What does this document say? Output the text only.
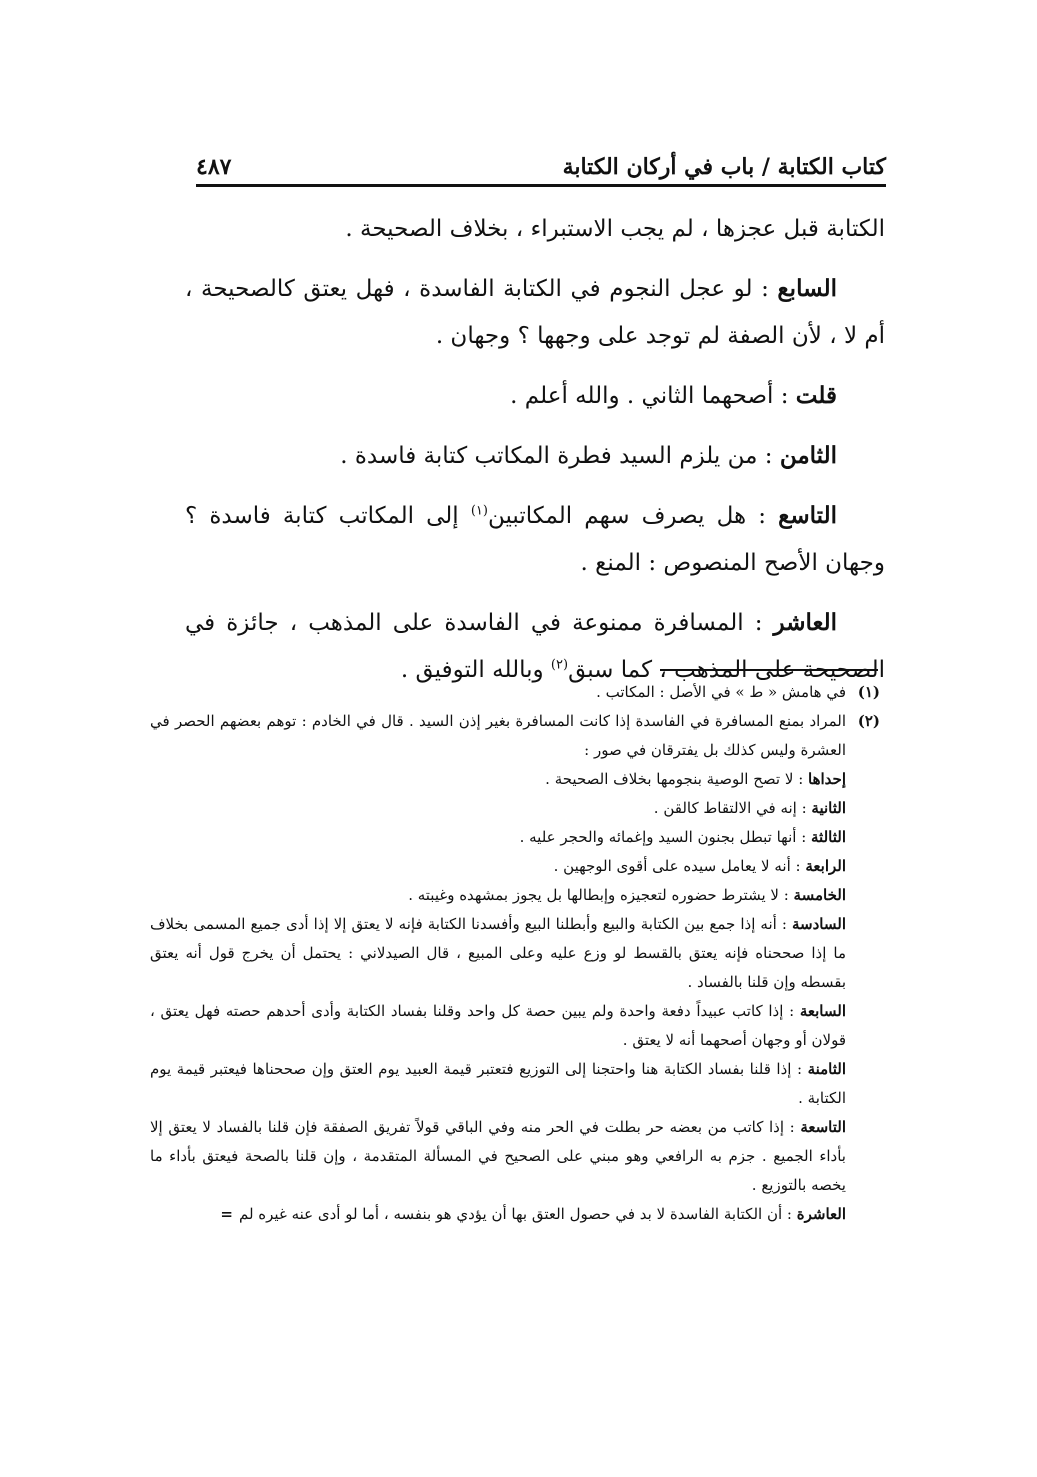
كتاب الكتابة / باب في أركان الكتابة
٤٨٧

الكتابة قبل عجزها ، لم يجب الاستبراء ، بخلاف الصحيحة .

السابع : لو عجل النجوم في الكتابة الفاسدة ، فهل يعتق كالصحيحة ، أم لا ، لأن الصفة لم توجد على وجهها ؟ وجهان .

قلت : أصحهما الثاني . والله أعلم .

الثامن : من يلزم السيد فطرة المكاتب كتابة فاسدة .

التاسع : هل يصرف سهم المكاتبين$^{(١)}$ إلى المكاتب كتابة فاسدة ؟ وجهان الأصح المنصوص : المنع .

العاشر : المسافرة ممنوعة في الفاسدة على المذهب ، جائزة في الصحيحة على المذهب ، كما سبق$^{(٢)}$ وبالله التوفيق .

(١)
في هامش « ط » في الأصل : المكاتب .
(٢)
المراد بمنع المسافرة في الفاسدة إذا كانت المسافرة بغير إذن السيد . قال في الخادم : توهم بعضهم الحصر في العشرة وليس كذلك بل يفترقان في صور :
إحداها : لا تصح الوصية بنجومها بخلاف الصحيحة .
الثانية : إنه في الالتقاط كالقن .
الثالثة : أنها تبطل بجنون السيد وإغمائه والحجر عليه .
الرابعة : أنه لا يعامل سيده على أقوى الوجهين .
الخامسة : لا يشترط حضوره لتعجيزه وإبطالها بل يجوز بمشهده وغيبته .
السادسة : أنه إذا جمع بين الكتابة والبيع وأبطلنا البيع وأفسدنا الكتابة فإنه لا يعتق إلا إذا أدى جميع المسمى بخلاف ما إذا صححناه فإنه يعتق بالقسط لو وزع عليه وعلى المبيع ، قال الصيدلاني : يحتمل أن يخرج قول أنه يعتق بقسطه وإن قلنا بالفساد .
السابعة : إذا كاتب عبيداً دفعة واحدة ولم يبين حصة كل واحد وقلنا بفساد الكتابة وأدى أحدهم حصته فهل يعتق ، قولان أو وجهان أصحهما أنه لا يعتق .
الثامنة : إذا قلنا بفساد الكتابة هنا واحتجنا إلى التوزيع فتعتبر قيمة العبيد يوم العتق وإن صححناها فيعتبر قيمة يوم الكتابة .
التاسعة : إذا كاتب من بعضه حر بطلت في الحر منه وفي الباقي قولاً تفريق الصفقة فإن قلنا بالفساد لا يعتق إلا بأداء الجميع . جزم به الرافعي وهو مبني على الصحيح في المسألة المتقدمة ، وإن قلنا بالصحة فيعتق بأداء ما يخصه بالتوزيع .
العاشرة : أن الكتابة الفاسدة لا بد في حصول العتق بها أن يؤدي هو بنفسه ، أما لو أدى عنه غيره لم=
